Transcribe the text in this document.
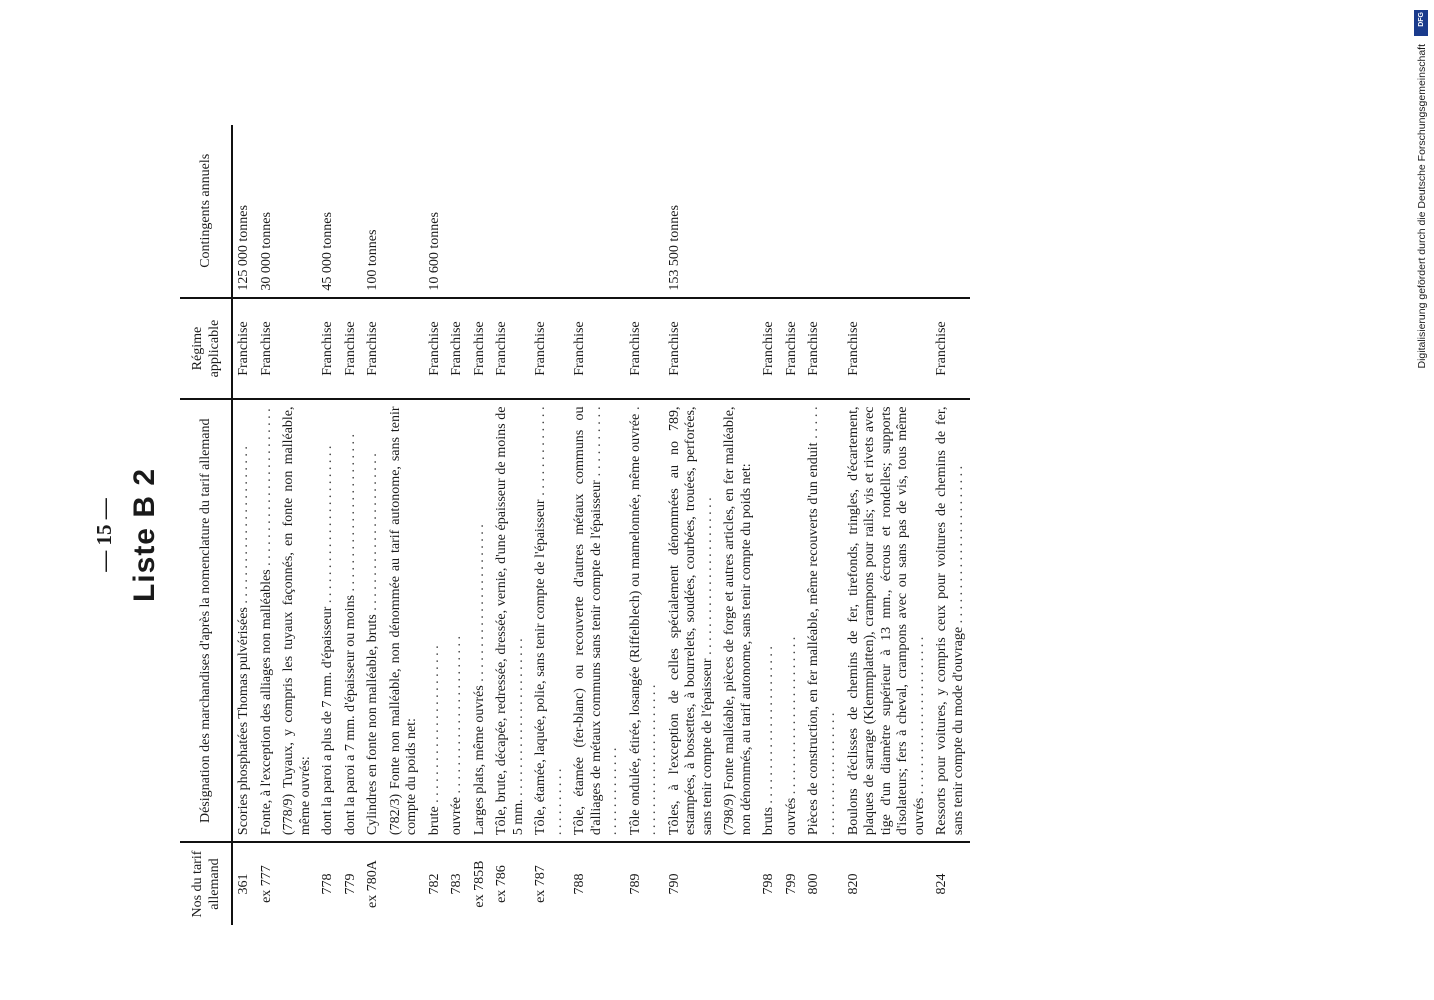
— 15 — Liste B 2
Nos du tarif allemand	Désignation des marchandises d'après la nomenclature du tarif allemand	Régime applicable	Contingents annuels
361	Scories phosphatées Thomas pulvérisées . . .	Franchise	125 000 tonnes
ex 777	Fonte, à l'exception des alliages non malléables . . .	Franchise	30 000 tonnes
	(778/9) Tuyaux, y compris les tuyaux façonnés, en fonte non malléable, même ouvrés:		
778	dont la paroi a plus de 7 mm. d'épaisseur . . .	Franchise	45 000 tonnes
779	dont la paroi a 7 mm. d'épaisseur ou moins . . .	Franchise	
ex 780A	Cylindres en fonte non malléable, bruts . . .	Franchise	100 tonnes
	(782/3) Fonte non malléable, non dénommée au tarif autonome, sans tenir compte du poids net:		
782	brute . . .	Franchise	10 600 tonnes
783	ouvrée . . .	Franchise	
ex 785B	Larges plats, même ouvrés . . .	Franchise	
ex 786	Tôle, brute, décapée, redressée, dressée, vernie, d'une épaisseur de moins de 5 mm. . . .	Franchise	
ex 787	Tôle, étamée, laquée, polie, sans tenir compte de l'épaisseur . . .	Franchise	
788	Tôle, étamée (fer-blanc) ou recouverte d'autres métaux communs ou d'alliages de métaux communs sans tenir compte de l'épaisseur . . .	Franchise	
789	Tôle ondulée, étirée, losangée (Riffelblech) ou mamelonnée, même ouvrée . . .	Franchise	
790	Tôles, à l'exception de celles spécialement dénommées au no 789, estampées, à bossettes, à bourrelets, soudées, courbées, trouées, perforées, sans tenir compte de l'épaisseur . . .	Franchise	153 500 tonnes
	(798/9) Fonte malléable, pièces de forge et autres articles, en fer malléable, non dénommés, au tarif autonome, sans tenir compte du poids net:		
798	bruts . . .	Franchise	
799	ouvrés . . .	Franchise	
800	Pièces de construction, en fer malléable, même recouverts d'un enduit . . .	Franchise	
820	Boulons d'éclisses de chemins de fer, tirefonds, tringles, d'écartement, plaques de sarrage (Klemmplatten), crampons pour rails; vis et rivets avec tige d'un diamètre supérieur à 13 mm., écrous et rondelles; supports d'isolateurs; fers à cheval, crampons avec ou sans pas de vis, tous même ouvrés . . .	Franchise	
824	Ressorts pour voitures, y compris ceux pour voitures de chemins de fer, sans tenir compte du mode d'ouvrage . . .	Franchise	
DFG
Digitalisierung gefördert durch die Deutsche Forschungsgemeinschaft
